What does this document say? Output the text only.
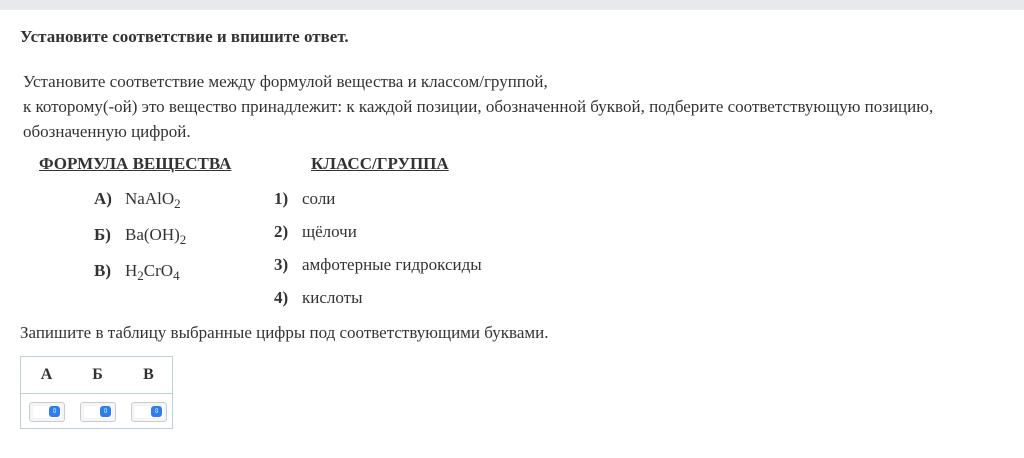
Установите соответствие и впишите ответ.
Установите соответствие между формулой вещества и классом/группой,
к которому(-ой) это вещество принадлежит: к каждой позиции, обозначенной буквой, подберите соответствующую позицию,
обозначенную цифрой.
ФОРМУЛА ВЕЩЕСТВА	КЛАСС/ГРУППА
А) NaAlO$_2$
Б) $Ba(OH)_2$
В) $H_2CrO_4$
1) соли
2) щёлочи
3) амфотерные гидроксиды
4) кислоты
Запишите в таблицу выбранные цифры под соответствующими буквами.
А	Б	В
⇳	⇳	⇳
